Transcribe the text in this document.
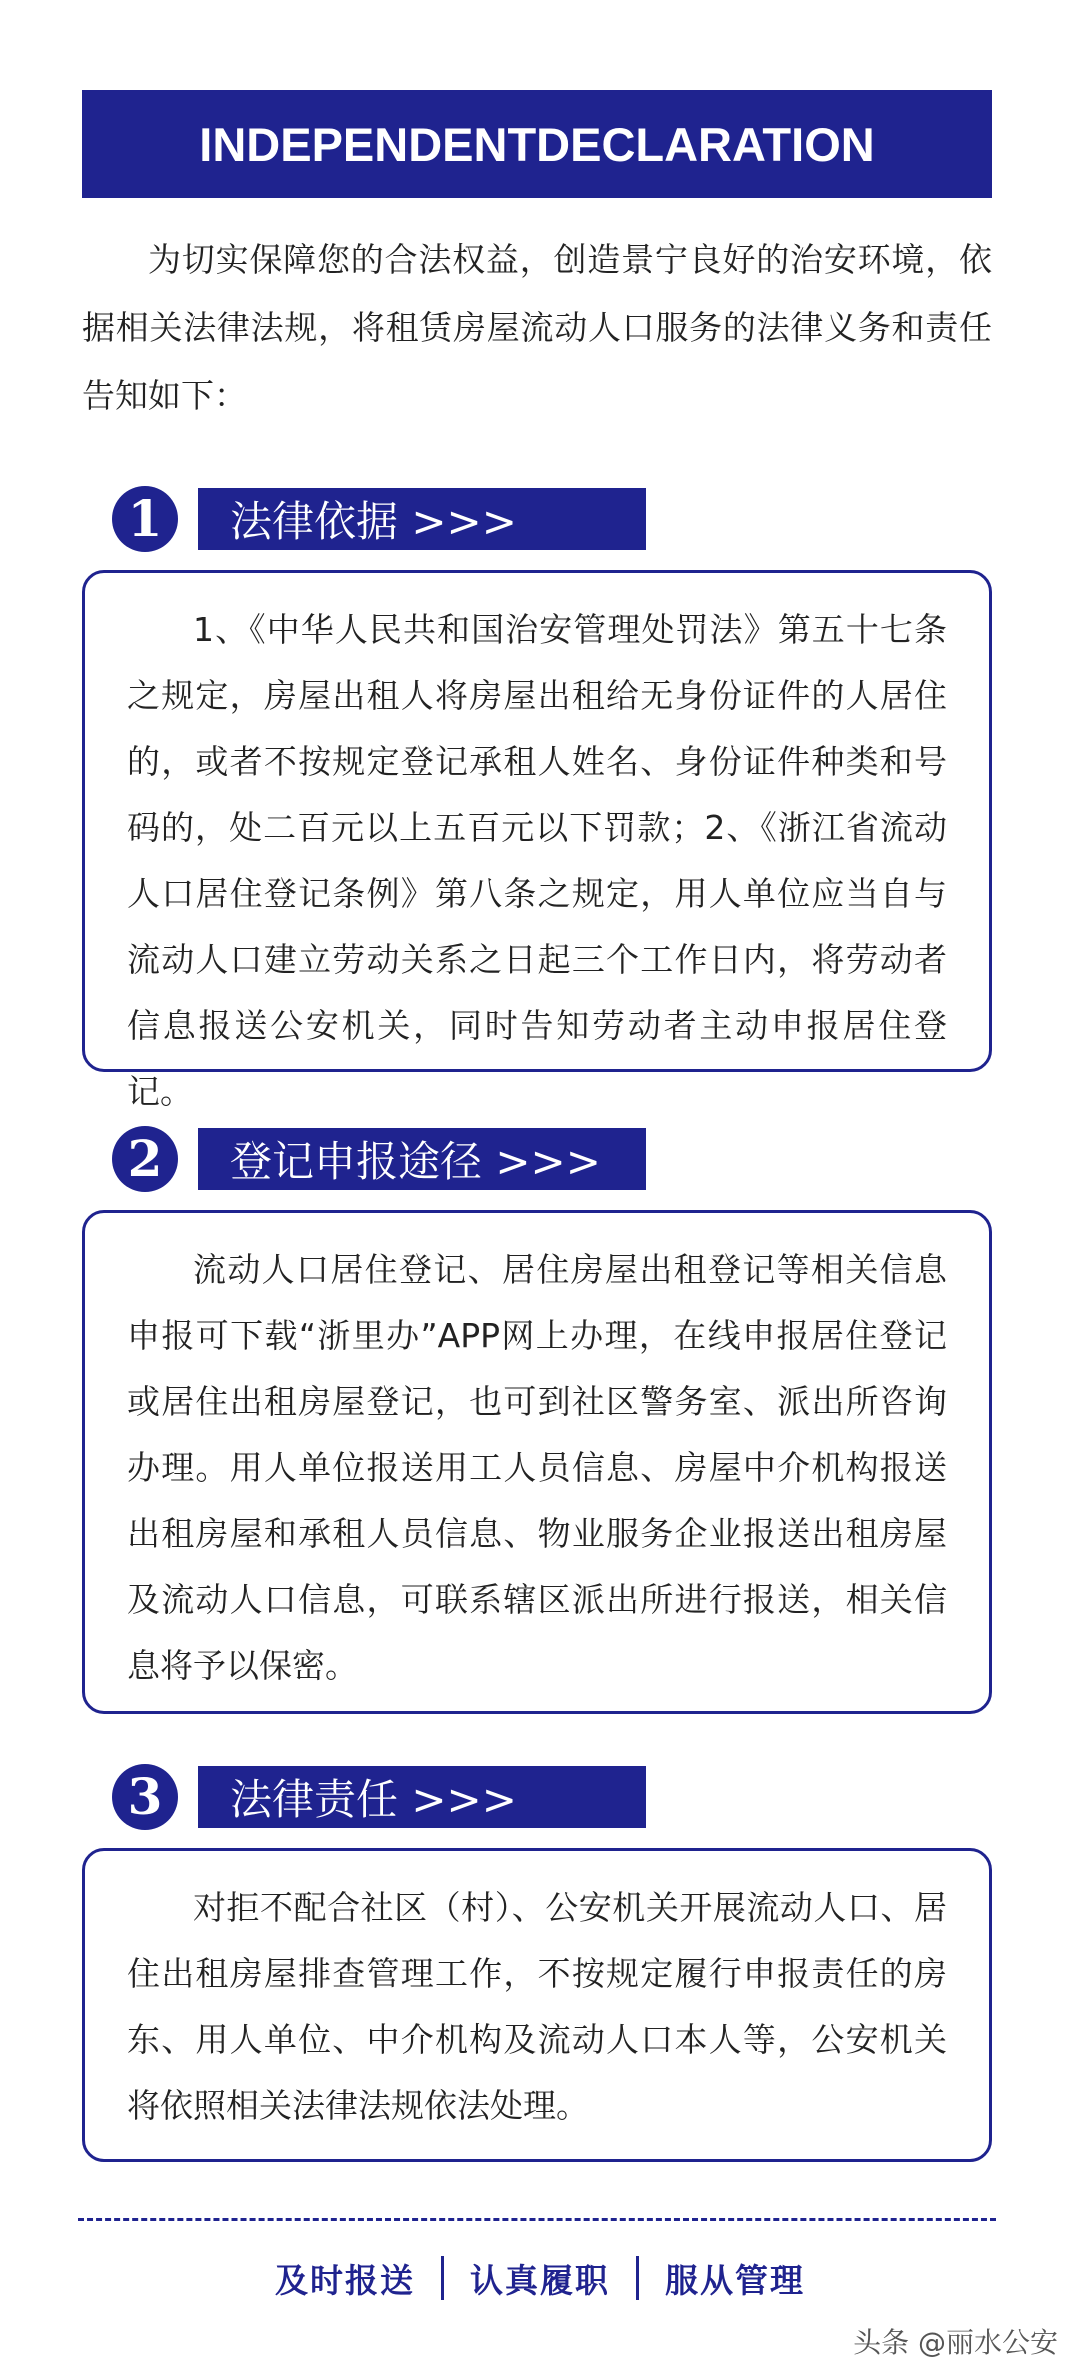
INDEPENDENTDECLARATION

为切实保障您的合法权益，创造景宁良好的治安环境，依据相关法律法规，将租赁房屋流动人口服务的法律义务和责任告知如下：

1	法律依据 >>>

1、《中华人民共和国治安管理处罚法》第五十七条之规定，房屋出租人将房屋出租给无身份证件的人居住的，或者不按规定登记承租人姓名、身份证件种类和号码的，处二百元以上五百元以下罚款；2、《浙江省流动人口居住登记条例》第八条之规定，用人单位应当自与流动人口建立劳动关系之日起三个工作日内，将劳动者信息报送公安机关，同时告知劳动者主动申报居住登记。

2	登记申报途径 >>>

流动人口居住登记、居住房屋出租登记等相关信息申报可下载“浙里办”APP网上办理，在线申报居住登记或居住出租房屋登记，也可到社区警务室、派出所咨询办理。用人单位报送用工人员信息、房屋中介机构报送出租房屋和承租人员信息、物业服务企业报送出租房屋及流动人口信息，可联系辖区派出所进行报送，相关信息将予以保密。

3	法律责任 >>>

对拒不配合社区（村）、公安机关开展流动人口、居住出租房屋排查管理工作，不按规定履行申报责任的房东、用人单位、中介机构及流动人口本人等，公安机关将依照相关法律法规依法处理。

及时报送	认真履职	服从管理
头条 @丽水公安
